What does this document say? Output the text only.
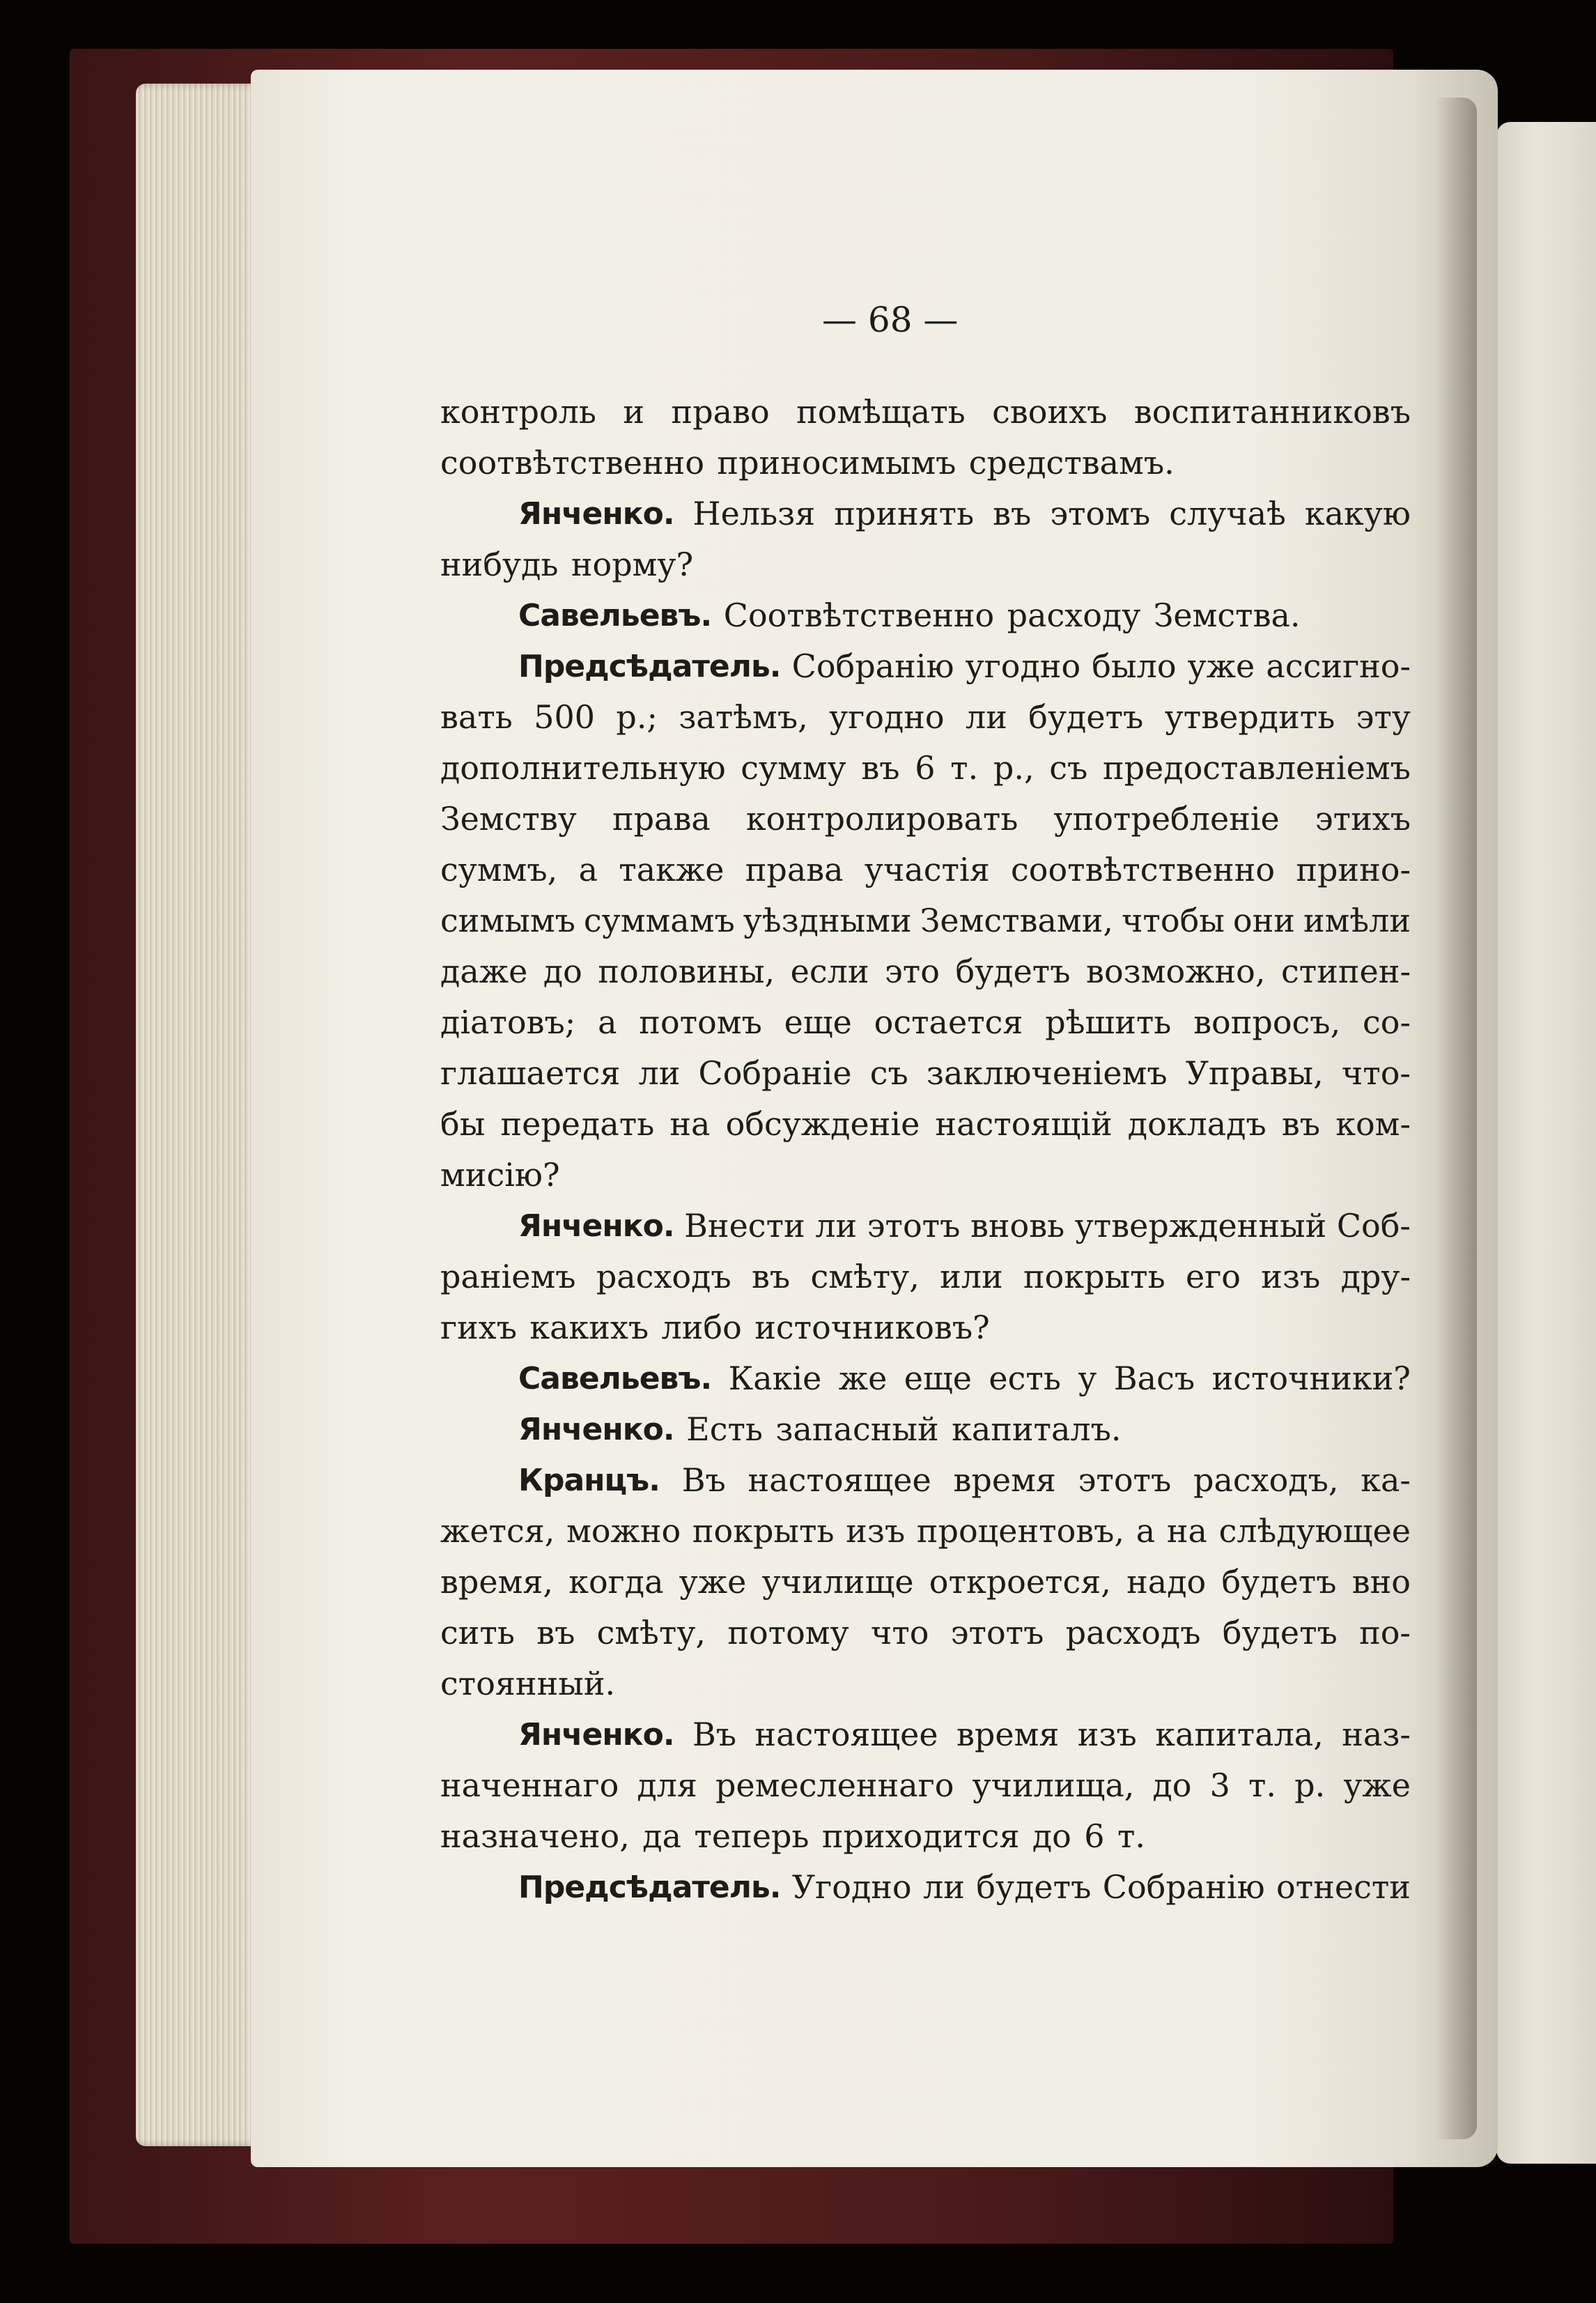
— 68 —
контроль и право помѣщать своихъ воспитанниковъ
соотвѣтственно приносимымъ средствамъ.
Янченко. Нельзя принять въ этомъ случаѣ какую
нибудь норму?
Савельевъ. Соотвѣтственно расходу Земства.
Предсѣдатель. Собранію угодно было уже ассигно-
вать 500 р.; затѣмъ, угодно ли будетъ утвердить эту
дополнительную сумму въ 6 т. р., съ предоставленіемъ
Земству права контролировать употребленіе этихъ
суммъ, а также права участія соотвѣтственно прино-
симымъ суммамъ уѣздными Земствами, чтобы они имѣли
даже до половины, если это будетъ возможно, стипен-
діатовъ; а потомъ еще остается рѣшить вопросъ, со-
глашается ли Собраніе съ заключеніемъ Управы, что-
бы передать на обсужденіе настоящій докладъ въ ком-
мисію?
Янченко. Внести ли этотъ вновь утвержденный Соб-
раніемъ расходъ въ смѣту, или покрыть его изъ дру-
гихъ какихъ либо источниковъ?
Савельевъ. Какіе же еще есть у Васъ источники?
Янченко. Есть запасный капиталъ.
Кранцъ. Въ настоящее время этотъ расходъ, ка-
жется, можно покрыть изъ процентовъ, а на слѣдующее
время, когда уже училище откроется, надо будетъ вно
сить въ смѣту, потому что этотъ расходъ будетъ по-
стоянный.
Янченко. Въ настоящее время изъ капитала, наз-
наченнаго для ремесленнаго училища, до 3 т. р. уже
назначено, да теперь приходится до 6 т.
Предсѣдатель. Угодно ли будетъ Собранію отнести
